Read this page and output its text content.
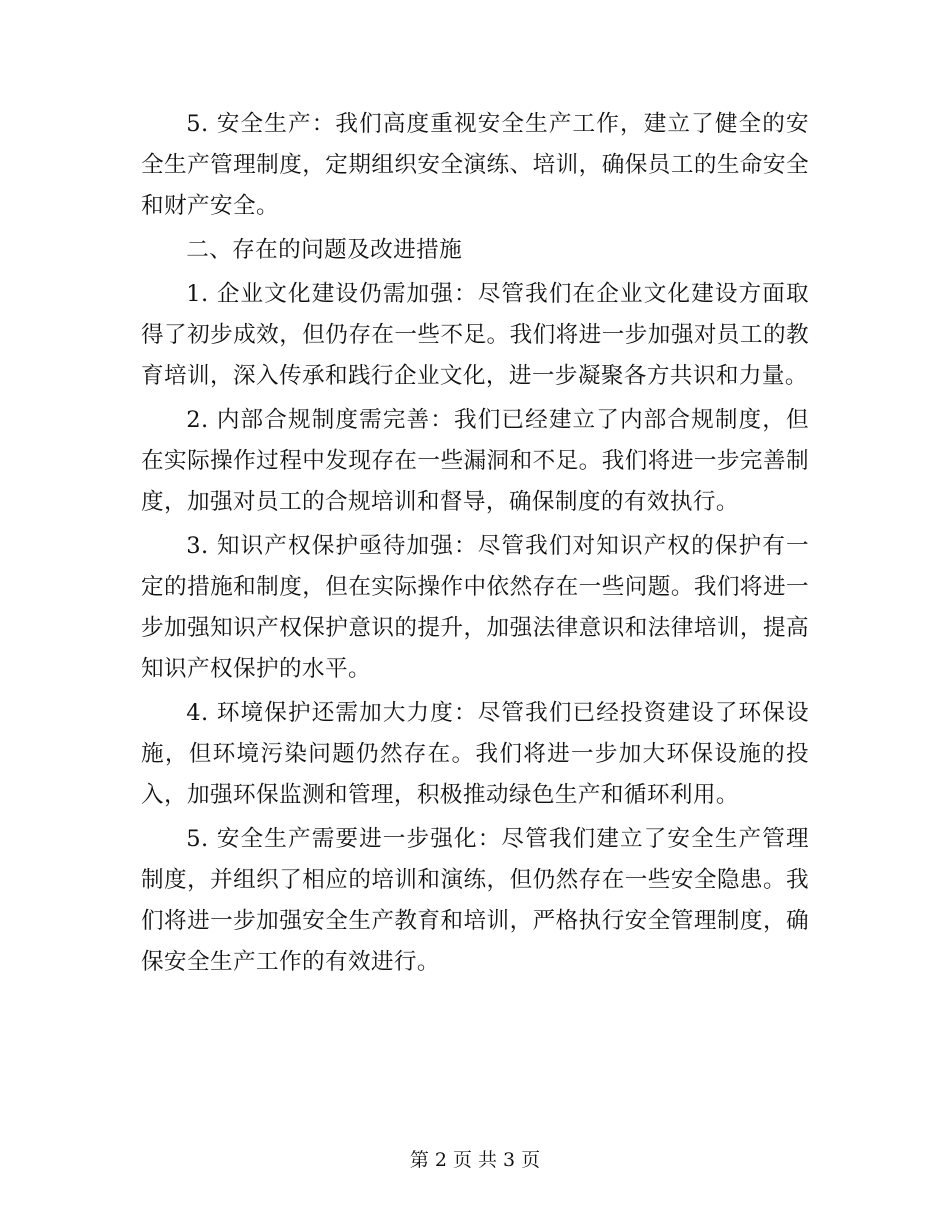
5. 安全生产：我们高度重视安全生产工作，建立了健全的安全生产管理制度，定期组织安全演练、培训，确保员工的生命安全和财产安全。

二、存在的问题及改进措施

1. 企业文化建设仍需加强：尽管我们在企业文化建设方面取得了初步成效，但仍存在一些不足。我们将进一步加强对员工的教育培训，深入传承和践行企业文化，进一步凝聚各方共识和力量。

2. 内部合规制度需完善：我们已经建立了内部合规制度，但在实际操作过程中发现存在一些漏洞和不足。我们将进一步完善制度，加强对员工的合规培训和督导，确保制度的有效执行。

3. 知识产权保护亟待加强：尽管我们对知识产权的保护有一定的措施和制度，但在实际操作中依然存在一些问题。我们将进一步加强知识产权保护意识的提升，加强法律意识和法律培训，提高知识产权保护的水平。

4. 环境保护还需加大力度：尽管我们已经投资建设了环保设施，但环境污染问题仍然存在。我们将进一步加大环保设施的投入，加强环保监测和管理，积极推动绿色生产和循环利用。

5. 安全生产需要进一步强化：尽管我们建立了安全生产管理制度，并组织了相应的培训和演练，但仍然存在一些安全隐患。我们将进一步加强安全生产教育和培训，严格执行安全管理制度，确保安全生产工作的有效进行。

第 2 页 共 3 页
